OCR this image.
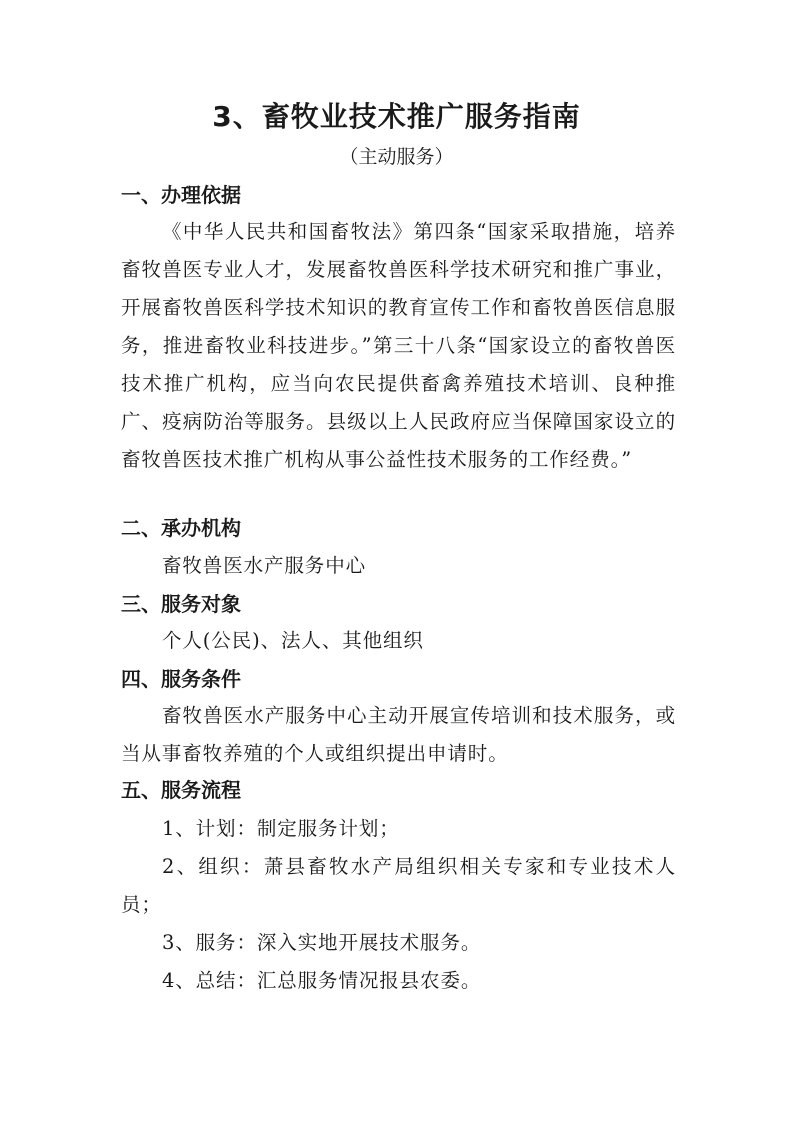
3、畜牧业技术推广服务指南
（主动服务）
一、办理依据
《中华人民共和国畜牧法》第四条“国家采取措施，培养畜牧兽医专业人才，发展畜牧兽医科学技术研究和推广事业，开展畜牧兽医科学技术知识的教育宣传工作和畜牧兽医信息服务，推进畜牧业科技进步。”第三十八条“国家设立的畜牧兽医技术推广机构，应当向农民提供畜禽养殖技术培训、良种推广、疫病防治等服务。县级以上人民政府应当保障国家设立的畜牧兽医技术推广机构从事公益性技术服务的工作经费。”
二、承办机构
畜牧兽医水产服务中心
三、服务对象
个人(公民)、法人、其他组织
四、服务条件
畜牧兽医水产服务中心主动开展宣传培训和技术服务，或当从事畜牧养殖的个人或组织提出申请时。
五、服务流程
1、计划：制定服务计划；
2、组织：萧县畜牧水产局组织相关专家和专业技术人员；
3、服务：深入实地开展技术服务。
4、总结：汇总服务情况报县农委。
